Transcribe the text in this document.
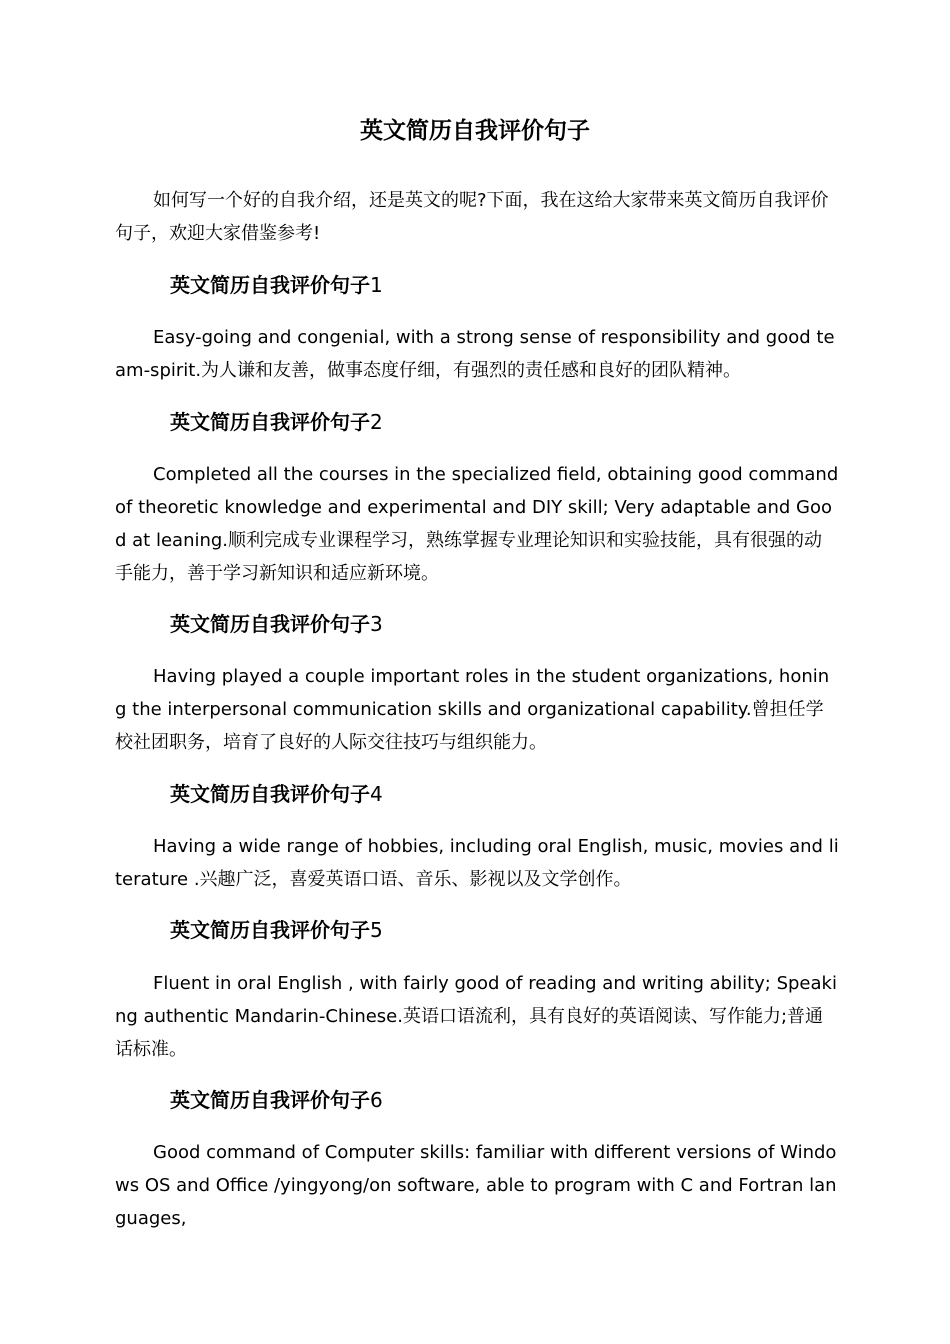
英文简历自我评价句子

如何写一个好的自我介绍，还是英文的呢?下面，我在这给大家带来英文简历自我评价句子，欢迎大家借鉴参考!

英文简历自我评价句子1

Easy-going and congenial, with a strong sense of responsibility and good team-spirit.为人谦和友善，做事态度仔细，有强烈的责任感和良好的团队精神。

英文简历自我评价句子2

Completed all the courses in the specialized field, obtaining good command of theoretic knowledge and experimental and DIY skill; Very adaptable and Good at leaning.顺利完成专业课程学习，熟练掌握专业理论知识和实验技能，具有很强的动手能力，善于学习新知识和适应新环境。

英文简历自我评价句子3

Having played a couple important roles in the student organizations, honing the interpersonal communication skills and organizational capability.曾担任学校社团职务，培育了良好的人际交往技巧与组织能力。

英文简历自我评价句子4

Having a wide range of hobbies, including oral English, music, movies and literature .兴趣广泛，喜爱英语口语、音乐、影视以及文学创作。

英文简历自我评价句子5

Fluent in oral English , with fairly good of reading and writing ability; Speaking authentic Mandarin-Chinese.英语口语流利，具有良好的英语阅读、写作能力;普通话标准。

英文简历自我评价句子6

Good command of Computer skills: familiar with different versions of Windows OS and Office /yingyong/on software, able to program with C and Fortran languages,
